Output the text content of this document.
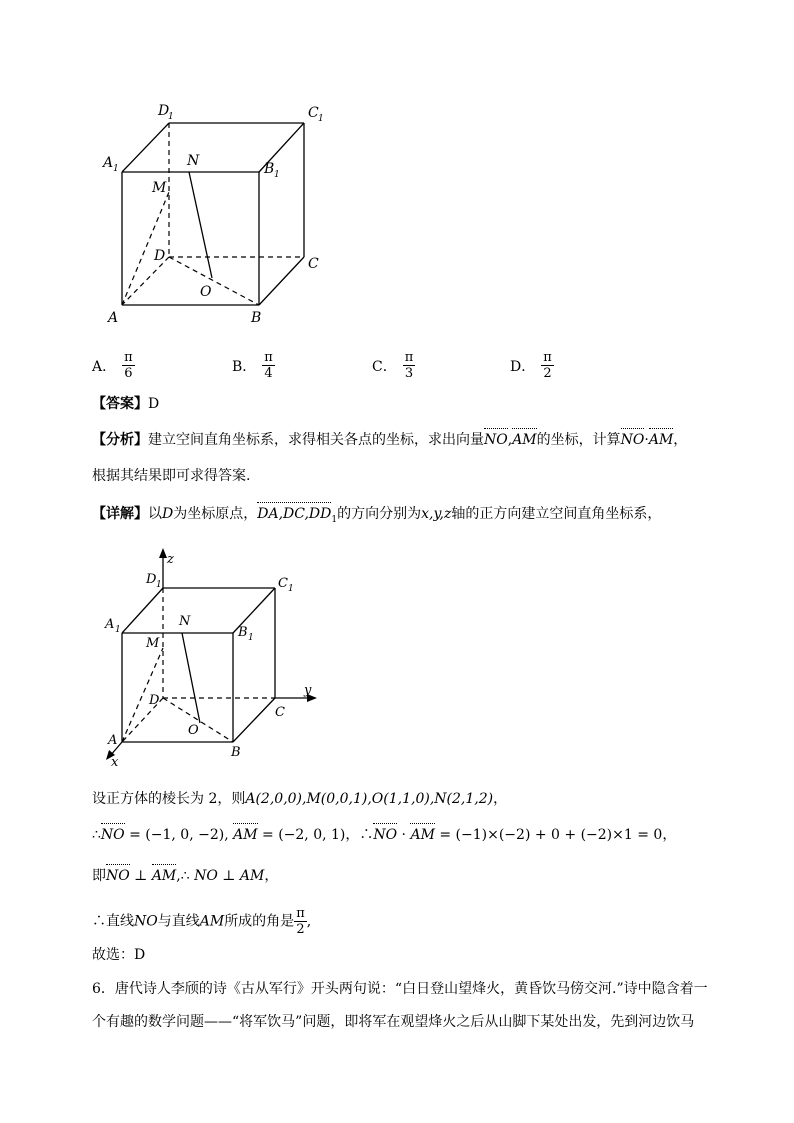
D
1	C 1
A 1	B 1
N
M
D	C
O
A	B
A． $\frac{\pi}{6}$	B． $\frac{\pi}{4}$	C． $\frac{\pi}{3}$	D． $\frac{\pi}{2}$
【答案】D
【分析】建立空间直角坐标系，求得相关各点的坐标，求出向量NO,AM的坐标，计算NO·AM，
根据其结果即可求得答案.
【详解】以D为坐标原点，$DA,DC,DD_1$的方向分别为x,y,z轴的正方向建立空间直角坐标系，
z
y
x
D 1	C 1
A 1	B 1
N
M
D
C
O
A
B
设正方体的棱长为 2，则A(2,0,0),M(0,0,1),O(1,1,0),N(2,1,2)，
∴NO = (−1, 0, −2), AM = (−2, 0, 1)，∴NO · AM = (−1)×(−2) + 0 + (−2)×1 = 0，
即NO ⊥ AM,∴ NO ⊥ AM，
∴直线NO与直线AM所成的角是 $\frac{\pi}{2}$ ,
故选：D
6．唐代诗人李颀的诗《古从军行》开头两句说：“白日登山望烽火，黄昏饮马傍交河.”诗中隐含着一
个有趣的数学问题——“将军饮马”问题，即将军在观望烽火之后从山脚下某处出发，先到河边饮马
